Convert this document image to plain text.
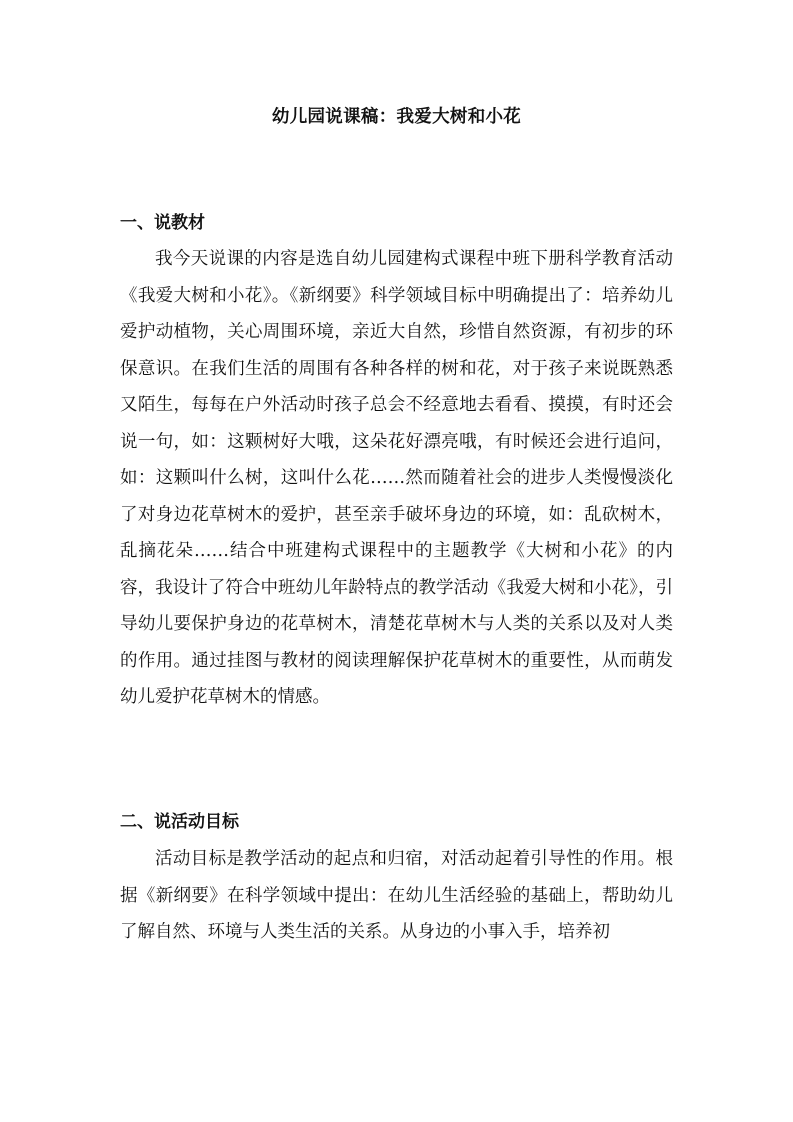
幼儿园说课稿：我爱大树和小花
一、说教材

我今天说课的内容是选自幼儿园建构式课程中班下册科学教育活动《我爱大树和小花》。《新纲要》科学领域目标中明确提出了：培养幼儿爱护动植物，关心周围环境，亲近大自然，珍惜自然资源，有初步的环保意识。在我们生活的周围有各种各样的树和花，对于孩子来说既熟悉又陌生，每每在户外活动时孩子总会不经意地去看看、摸摸，有时还会说一句，如：这颗树好大哦，这朵花好漂亮哦，有时候还会进行追问，如：这颗叫什么树，这叫什么花……然而随着社会的进步人类慢慢淡化了对身边花草树木的爱护，甚至亲手破坏身边的环境，如：乱砍树木，乱摘花朵……结合中班建构式课程中的主题教学《大树和小花》的内容，我设计了符合中班幼儿年龄特点的教学活动《我爱大树和小花》，引导幼儿要保护身边的花草树木，清楚花草树木与人类的关系以及对人类的作用。通过挂图与教材的阅读理解保护花草树木的重要性，从而萌发幼儿爱护花草树木的情感。

二、说活动目标

活动目标是教学活动的起点和归宿，对活动起着引导性的作用。根据《新纲要》在科学领域中提出：在幼儿生活经验的基础上，帮助幼儿了解自然、环境与人类生活的关系。从身边的小事入手，培养初
